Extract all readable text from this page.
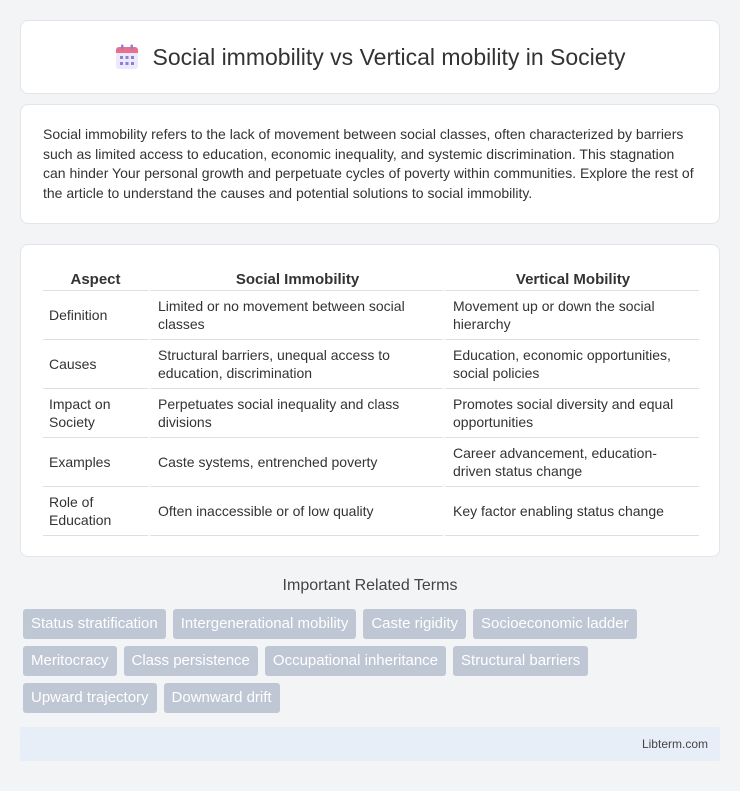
Social immobility vs Vertical mobility in Society

Social immobility refers to the lack of movement between social classes, often characterized by barriers such as limited access to education, economic inequality, and systemic discrimination. This stagnation can hinder Your personal growth and perpetuate cycles of poverty within communities. Explore the rest of the article to understand the causes and potential solutions to social immobility.

Aspect	Social Immobility	Vertical Mobility
Definition	Limited or no movement between social classes	Movement up or down the social hierarchy
Causes	Structural barriers, unequal access to education, discrimination	Education, economic opportunities, social policies
Impact on Society	Perpetuates social inequality and class divisions	Promotes social diversity and equal opportunities
Examples	Caste systems, entrenched poverty	Career advancement, education-driven status change
Role of Education	Often inaccessible or of low quality	Key factor enabling status change
Important Related Terms
Status stratification	Intergenerational mobility	Caste rigidity	Socioeconomic ladder
Meritocracy	Class persistence	Occupational inheritance	Structural barriers
Upward trajectory	Downward drift
Libterm.com
